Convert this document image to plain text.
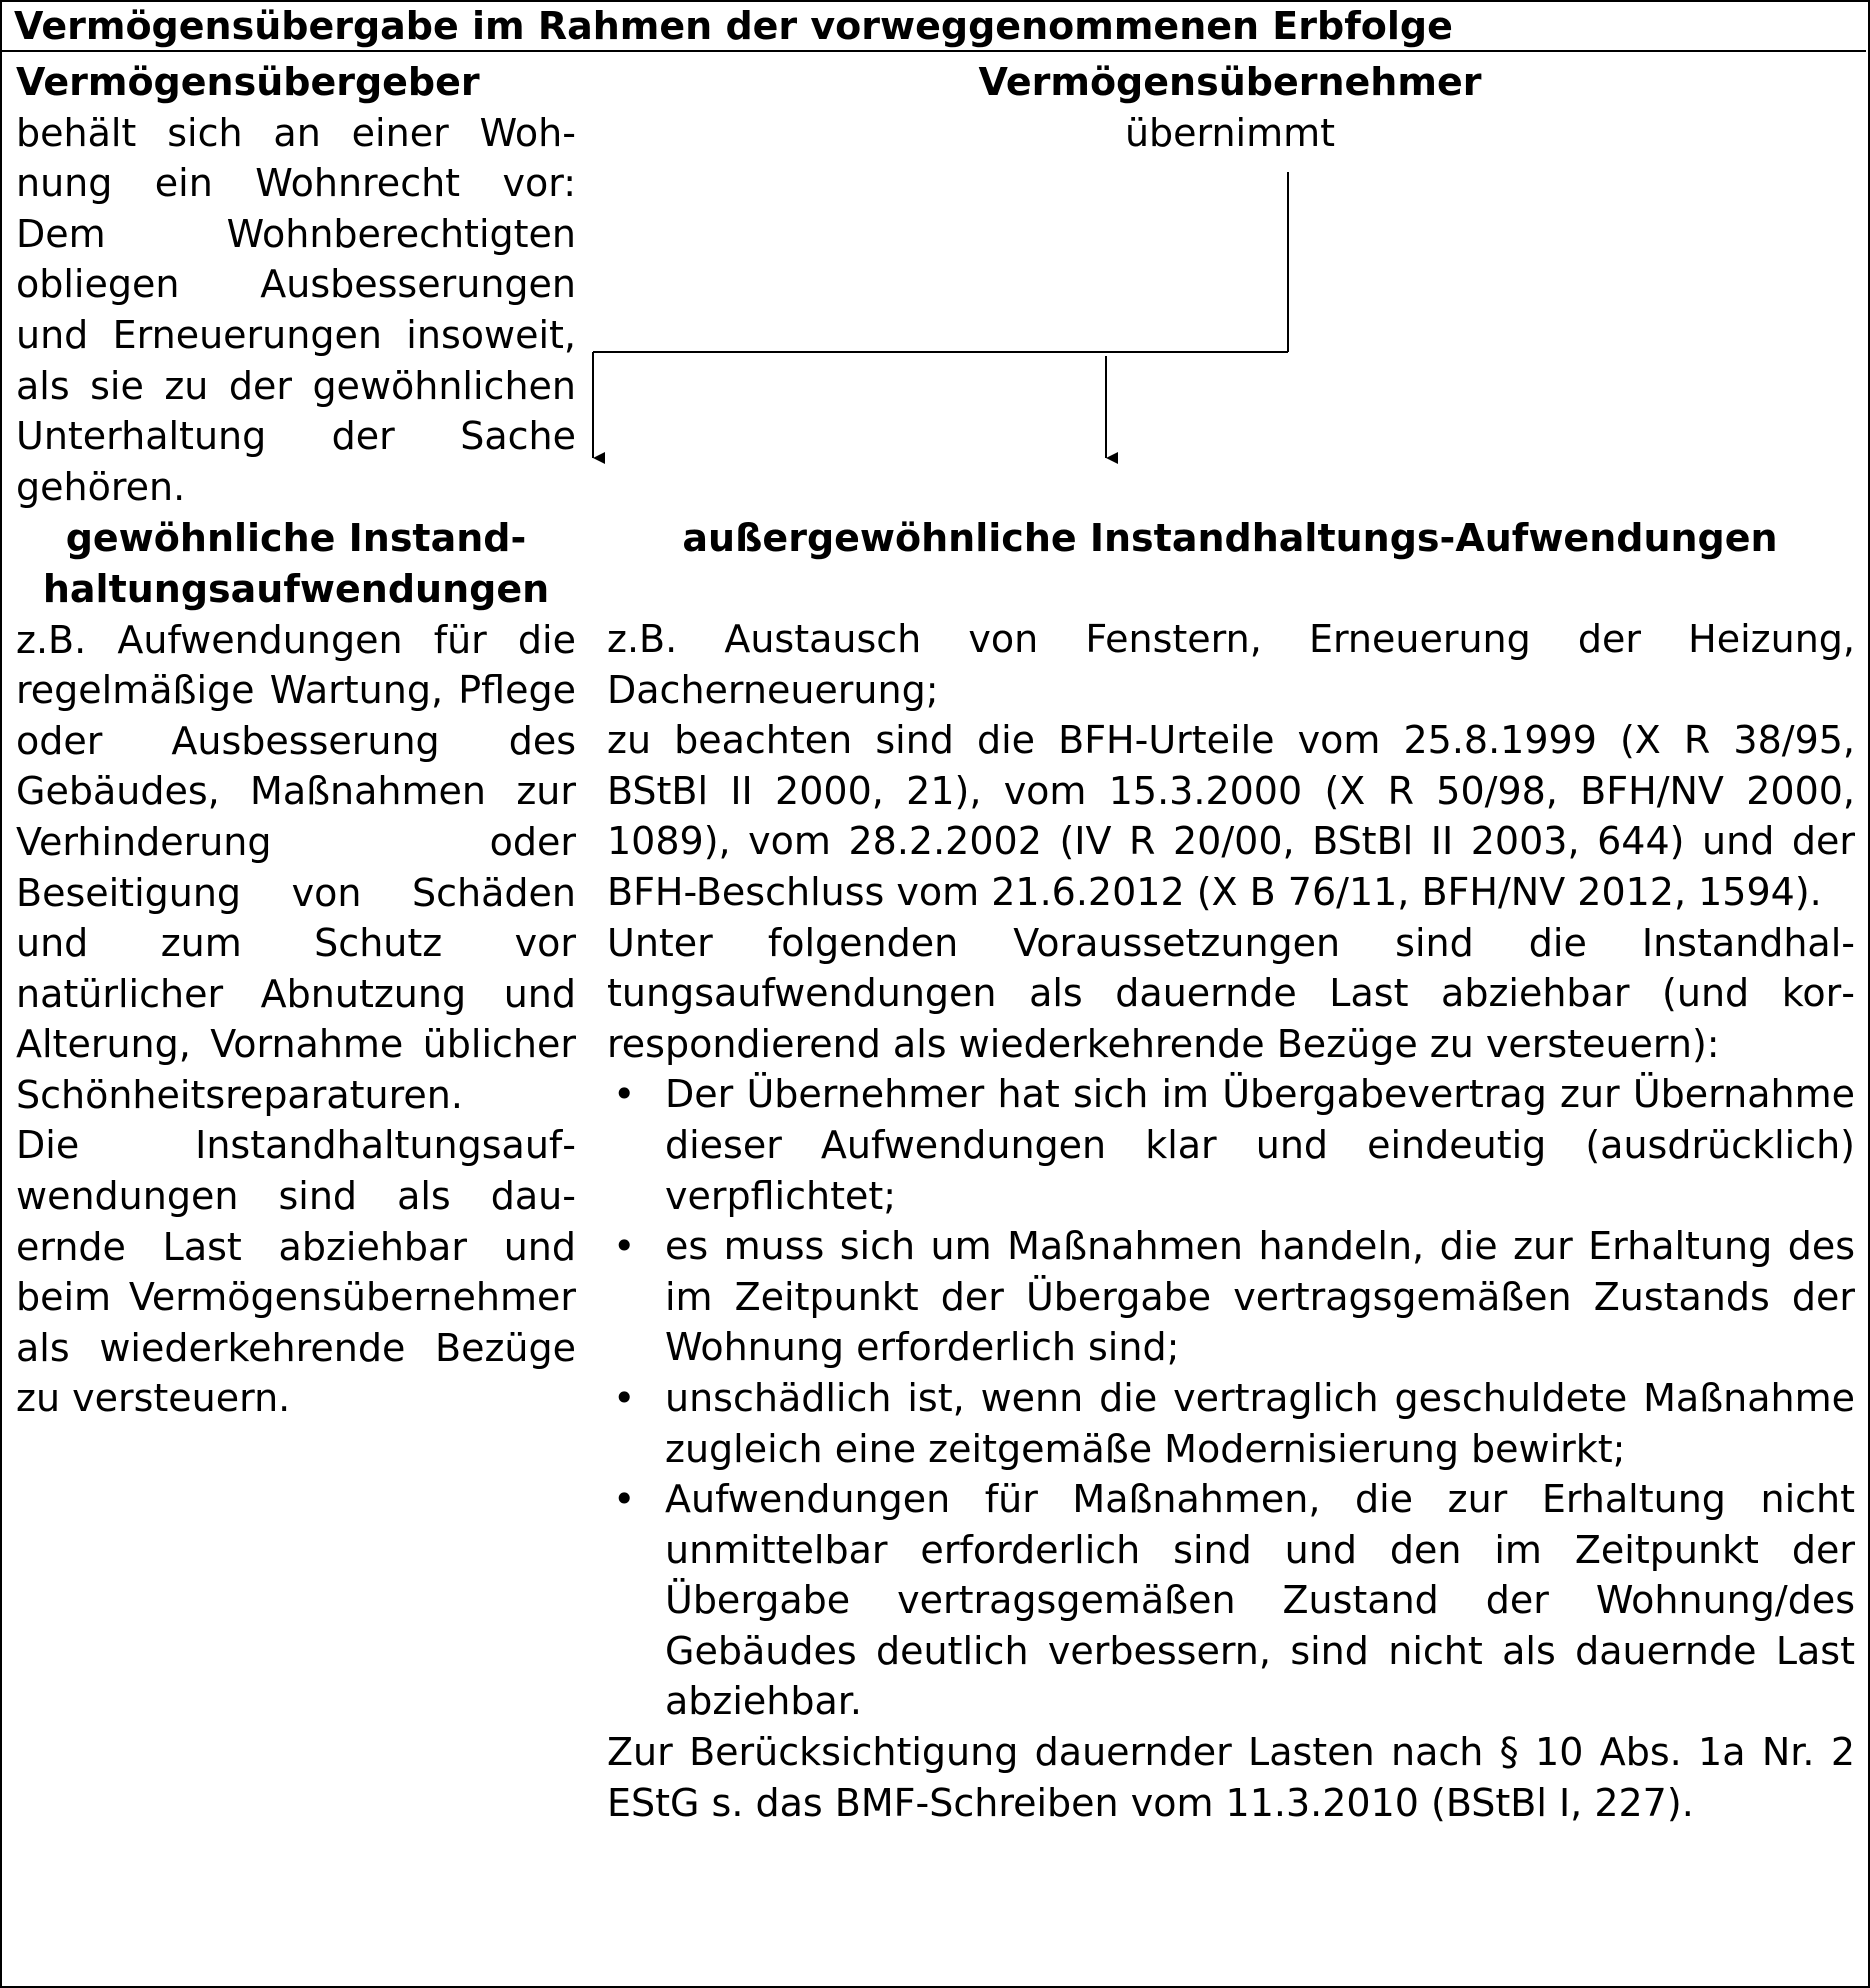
Vermögensübergabe im Rahmen der vorweggenommenen Erbfolge
Vermögensübergeber

behält sich an einer Wohnung ein Wohnrecht vor: Dem Wohnberechtigten obliegen Ausbesserungen und Erneuerungen insoweit, als sie zu der gewöhnlichen Unterhaltung der Sache gehören.

gewöhnliche Instandhaltungsaufwendungen

z.B. Aufwendungen für die regelmäßige Wartung, Pflege oder Ausbesserung des Gebäudes, Maßnahmen zur Verhinderung oder Beseitigung von Schäden und zum Schutz vor natürlicher Abnutzung und Alterung, Vornahme üblicher Schönheitsreparaturen.

Die Instandhaltungsaufwendungen sind als dauernde Last abziehbar und beim Vermögensübernehmer als wiederkehrende Bezüge zu versteuern.

Vermögensübernehmer
übernimmt
außergewöhnliche Instandhaltungs-Aufwendungen

z.B. Austausch von Fenstern, Erneuerung der Heizung, Dacherneuerung;

zu beachten sind die BFH-Urteile vom 25.8.1999 (X R 38/95, BStBl II 2000, 21), vom 15.3.2000 (X R 50/98, BFH/NV 2000, 1089), vom 28.2.2002 (IV R 20/00, BStBl II 2003, 644) und der BFH-Beschluss vom 21.6.2012 (X B 76/11, BFH/NV 2012, 1594).

Unter folgenden Voraussetzungen sind die Instandhaltungsaufwendungen als dauernde Last abziehbar (und korrespondierend als wiederkehrende Bezüge zu versteuern):

• Der Übernehmer hat sich im Übergabevertrag zur Übernahme dieser Aufwendungen klar und eindeutig (ausdrücklich) verpflichtet;
• es muss sich um Maßnahmen handeln, die zur Erhaltung des im Zeitpunkt der Übergabe vertragsgemäßen Zustands der Wohnung erforderlich sind;
• unschädlich ist, wenn die vertraglich geschuldete Maßnahme zugleich eine zeitgemäße Modernisierung bewirkt;
• Aufwendungen für Maßnahmen, die zur Erhaltung nicht unmittelbar erforderlich sind und den im Zeitpunkt der Übergabe vertragsgemäßen Zustand der Wohnung/des Gebäudes deutlich verbessern, sind nicht als dauernde Last abziehbar.

Zur Berücksichtigung dauernder Lasten nach § 10 Abs. 1a Nr. 2 EStG s. das BMF-Schreiben vom 11.3.2010 (BStBl I, 227).
